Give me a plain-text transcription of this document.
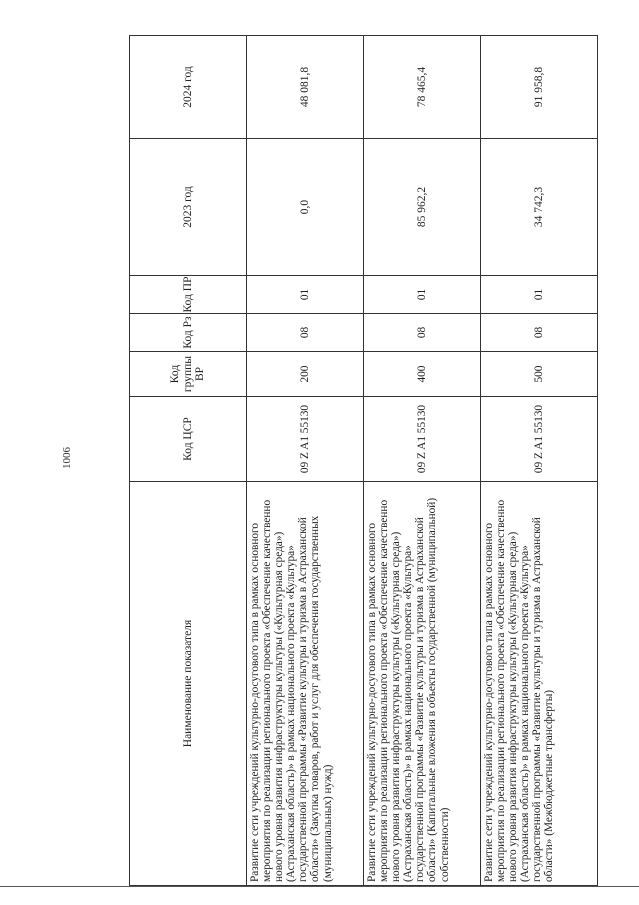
1006
Наименование показателя	Код ЦСР	Код группы ВР	Код Рз	Код ПР	2023 год	2024 год
Развитие сети учреждений культурно-досугового типа в рамках основного мероприятия по реализации регионального проекта «Обеспечение качественно нового уровня развития инфраструктуры культуры («Культурная среда») (Астраханская область)» в рамках национального проекта «Культура» государственной программы «Развитие культуры и туризма в Астраханской области» (Закупка товаров, работ и услуг для обеспечения государственных (муниципальных) нужд)	09 Z A1 55130	200	08	01	0,0	48 081,8
Развитие сети учреждений культурно-досугового типа в рамках основного мероприятия по реализации регионального проекта «Обеспечение качественно нового уровня развития инфраструктуры культуры («Культурная среда») (Астраханская область)» в рамках национального проекта «Культура» государственной программы «Развитие культуры и туризма в Астраханской области» (Капитальные вложения в объекты государственной (муниципальной) собственности)	09 Z A1 55130	400	08	01	85 962,2	78 465,4
Развитие сети учреждений культурно-досугового типа в рамках основного мероприятия по реализации регионального проекта «Обеспечение качественно нового уровня развития инфраструктуры культуры («Культурная среда») (Астраханская область)» в рамках национального проекта «Культура» государственной программы «Развитие культуры и туризма в Астраханской области» (Межбюджетные трансферты)	09 Z A1 55130	500	08	01	34 742,3	91 958,8
